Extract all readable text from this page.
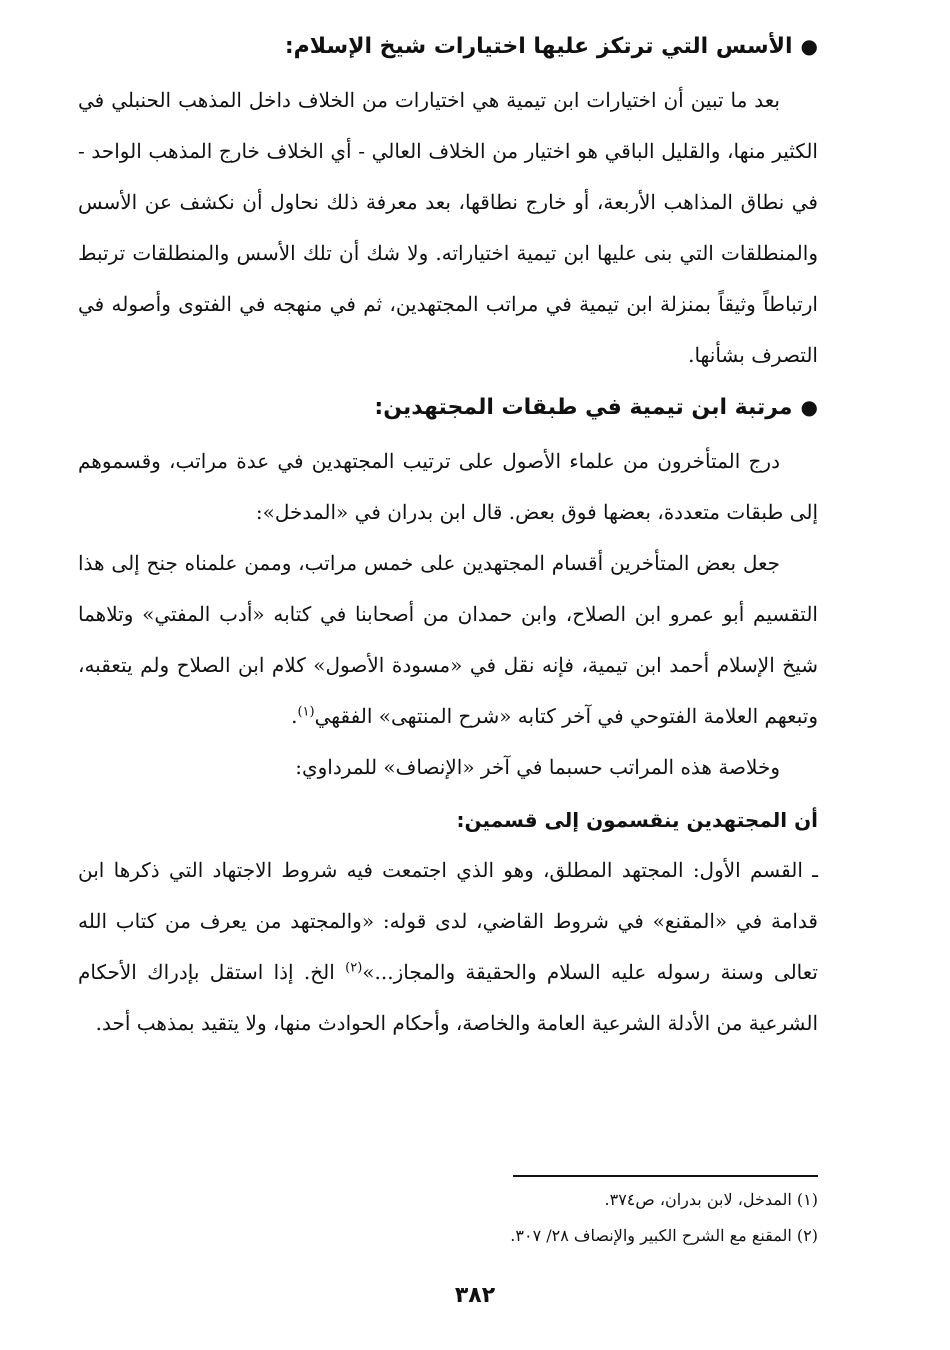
●الأسس التي ترتكز عليها اختيارات شيخ الإسلام:

بعد ما تبين أن اختيارات ابن تيمية هي اختيارات من الخلاف داخل المذهب الحنبلي في الكثير منها، والقليل الباقي هو اختيار من الخلاف العالي - أي الخلاف خارج المذهب الواحد - في نطاق المذاهب الأربعة، أو خارج نطاقها، بعد معرفة ذلك نحاول أن نكشف عن الأسس والمنطلقات التي بنى عليها ابن تيمية اختياراته. ولا شك أن تلك الأسس والمنطلقات ترتبط ارتباطاً وثيقاً بمنزلة ابن تيمية في مراتب المجتهدين، ثم في منهجه في الفتوى وأصوله في التصرف بشأنها.

●مرتبة ابن تيمية في طبقات المجتهدين:

درج المتأخرون من علماء الأصول على ترتيب المجتهدين في عدة مراتب، وقسموهم إلى طبقات متعددة، بعضها فوق بعض. قال ابن بدران في «المدخل»:

جعل بعض المتأخرين أقسام المجتهدين على خمس مراتب، وممن علمناه جنح إلى هذا التقسيم أبو عمرو ابن الصلاح، وابن حمدان من أصحابنا في كتابه «أدب المفتي» وتلاهما شيخ الإسلام أحمد ابن تيمية، فإنه نقل في «مسودة الأصول» كلام ابن الصلاح ولم يتعقبه، وتبعهم العلامة الفتوحي في آخر كتابه «شرح المنتهى» الفقهي$^{(١)}$.

وخلاصة هذه المراتب حسبما في آخر «الإنصاف» للمرداوي:

أن المجتهدين ينقسمون إلى قسمين:

ـ القسم الأول: المجتهد المطلق، وهو الذي اجتمعت فيه شروط الاجتهاد التي ذكرها ابن قدامة في «المقنع» في شروط القاضي، لدى قوله: «والمجتهد من يعرف من كتاب الله تعالى وسنة رسوله عليه السلام والحقيقة والمجاز...»$^{(٢)}$ الخ. إذا استقل بإدراك الأحكام الشرعية من الأدلة الشرعية العامة والخاصة، وأحكام الحوادث منها، ولا يتقيد بمذهب أحد.

(١) المدخل، لابن بدران، ص٣٧٤.
(٢) المقنع مع الشرح الكبير والإنصاف ٢٨/ ٣٠٧.
٣٨٢
